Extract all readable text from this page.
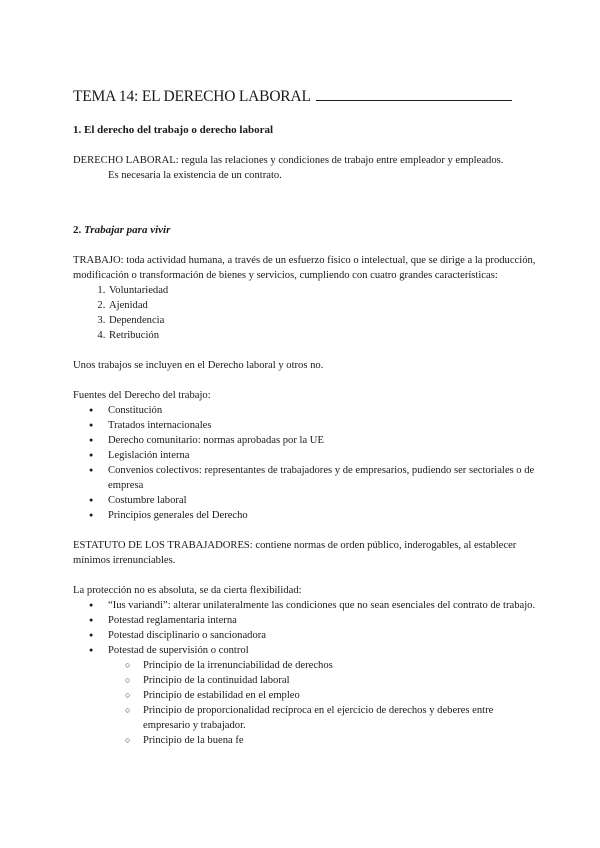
TEMA 14: EL DERECHO LABORAL
1. El derecho del trabajo o derecho laboral

DERECHO LABORAL: regula las relaciones y condiciones de trabajo entre empleador y empleados.

Es necesaria la existencia de un contrato.

2. Trabajar para vivir

TRABAJO: toda actividad humana, a través de un esfuerzo físico o intelectual, que se dirige a la producción, modificación o transformación de bienes y servicios, cumpliendo con cuatro grandes características:

1. Voluntariedad
2. Ajenidad
3. Dependencia
4. Retribución

Unos trabajos se incluyen en el Derecho laboral y otros no.

Fuentes del Derecho del trabajo:

● Constitución
● Tratados internacionales
● Derecho comunitario: normas aprobadas por la UE
● Legislación interna
● Convenios colectivos: representantes de trabajadores y de empresarios, pudiendo ser sectoriales o de empresa
● Costumbre laboral
● Principios generales del Derecho

ESTATUTO DE LOS TRABAJADORES: contiene normas de orden público, inderogables, al establecer mínimos irrenunciables.

La protección no es absoluta, se da cierta flexibilidad:

● “Ius variandi”: alterar unilateralmente las condiciones que no sean esenciales del contrato de trabajo.
● Potestad reglamentaria interna
● Potestad disciplinario o sancionadora
● Potestad de supervisión o control
○ Principio de la irrenunciabilidad de derechos
○ Principio de la continuidad laboral
○ Principio de estabilidad en el empleo
○ Principio de proporcionalidad recíproca en el ejercicio de derechos y deberes entre empresario y trabajador.
○ Principio de la buena fe
